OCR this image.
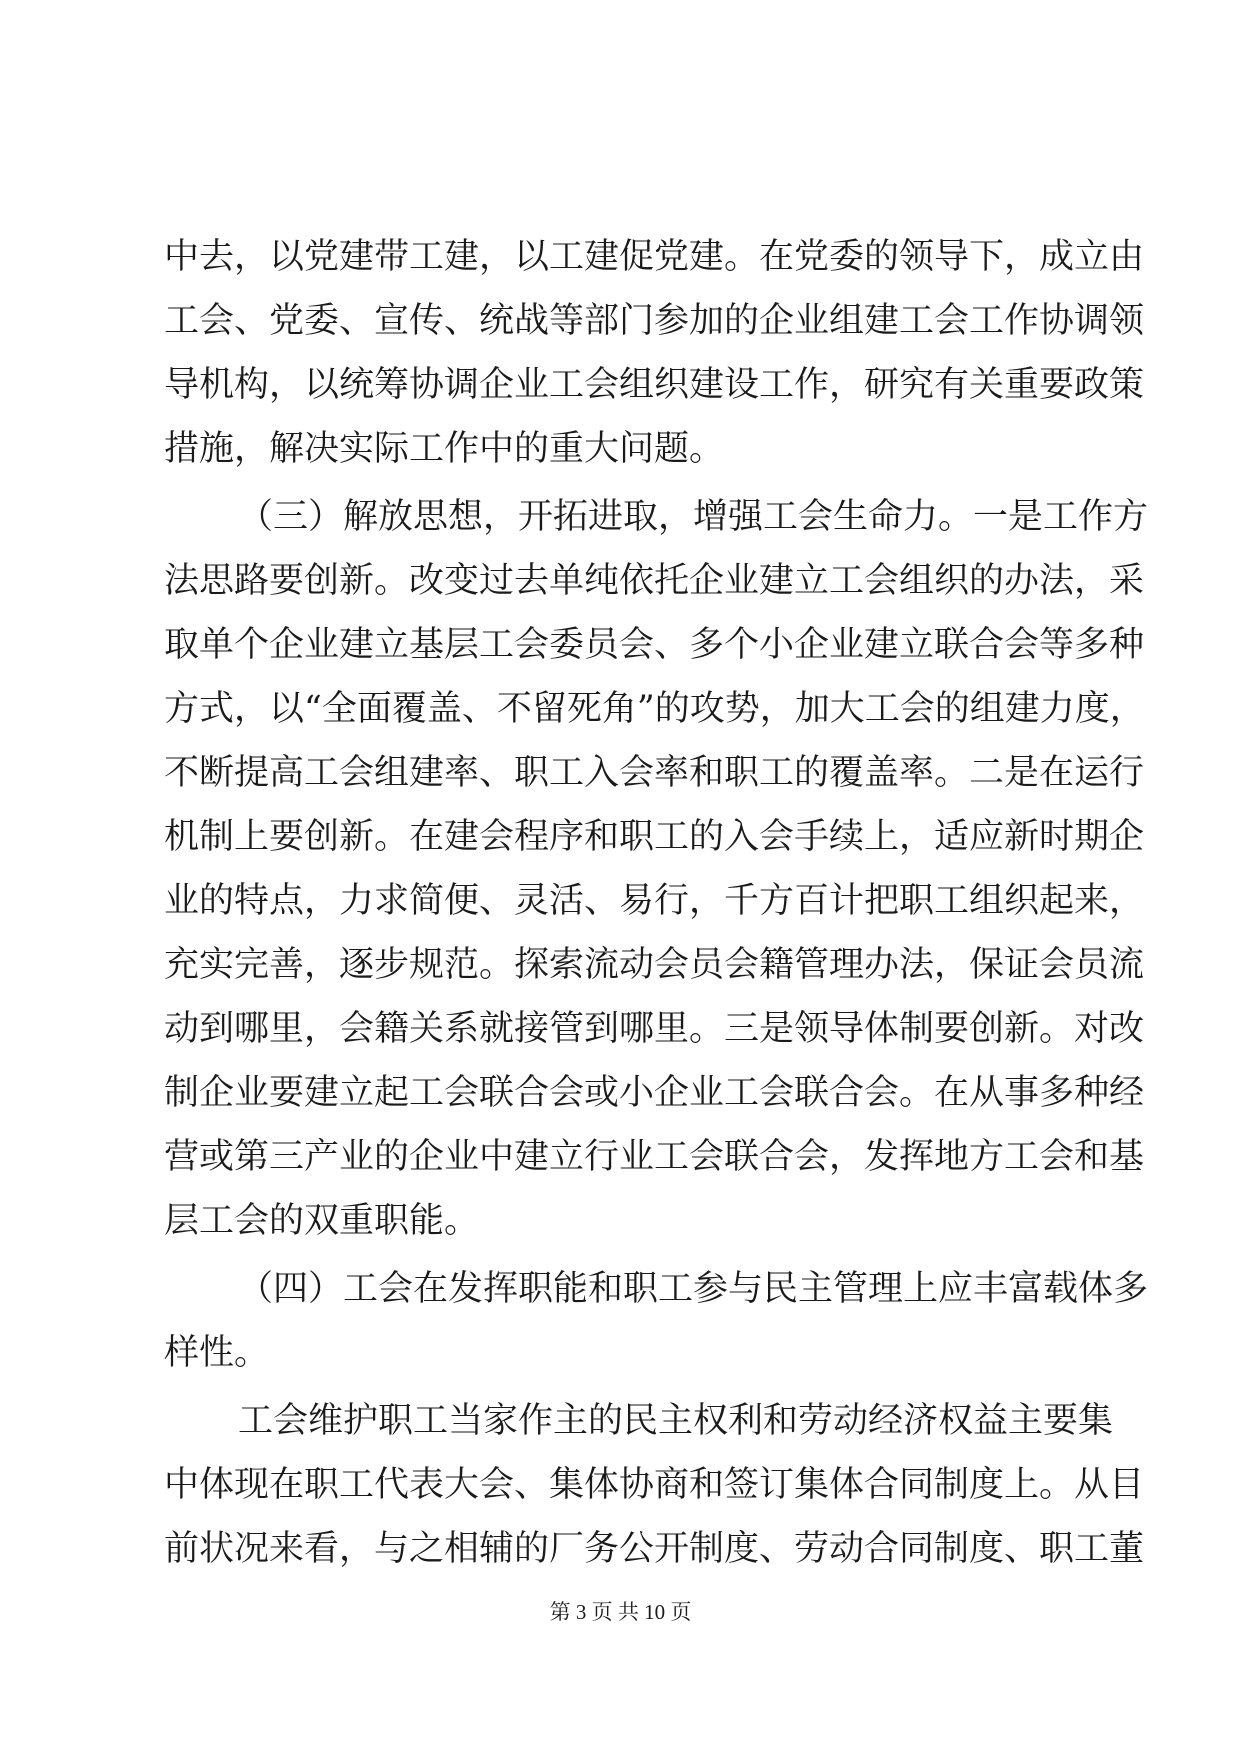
中去，以党建带工建，以工建促党建。在党委的领导下，成立由
工会、党委、宣传、统战等部门参加的企业组建工会工作协调领
导机构，以统筹协调企业工会组织建设工作，研究有关重要政策
措施，解决实际工作中的重大问题。
（三）解放思想，开拓进取，增强工会生命力。一是工作方
法思路要创新。改变过去单纯依托企业建立工会组织的办法，采
取单个企业建立基层工会委员会、多个小企业建立联合会等多种
方式，以“全面覆盖、不留死角”的攻势，加大工会的组建力度，
不断提高工会组建率、职工入会率和职工的覆盖率。二是在运行
机制上要创新。在建会程序和职工的入会手续上，适应新时期企
业的特点，力求简便、灵活、易行，千方百计把职工组织起来，
充实完善，逐步规范。探索流动会员会籍管理办法，保证会员流
动到哪里，会籍关系就接管到哪里。三是领导体制要创新。对改
制企业要建立起工会联合会或小企业工会联合会。在从事多种经
营或第三产业的企业中建立行业工会联合会，发挥地方工会和基
层工会的双重职能。
（四）工会在发挥职能和职工参与民主管理上应丰富载体多
样性。
工会维护职工当家作主的民主权利和劳动经济权益主要集
中体现在职工代表大会、集体协商和签订集体合同制度上。从目
前状况来看，与之相辅的厂务公开制度、劳动合同制度、职工董
第 3 页 共 10 页
